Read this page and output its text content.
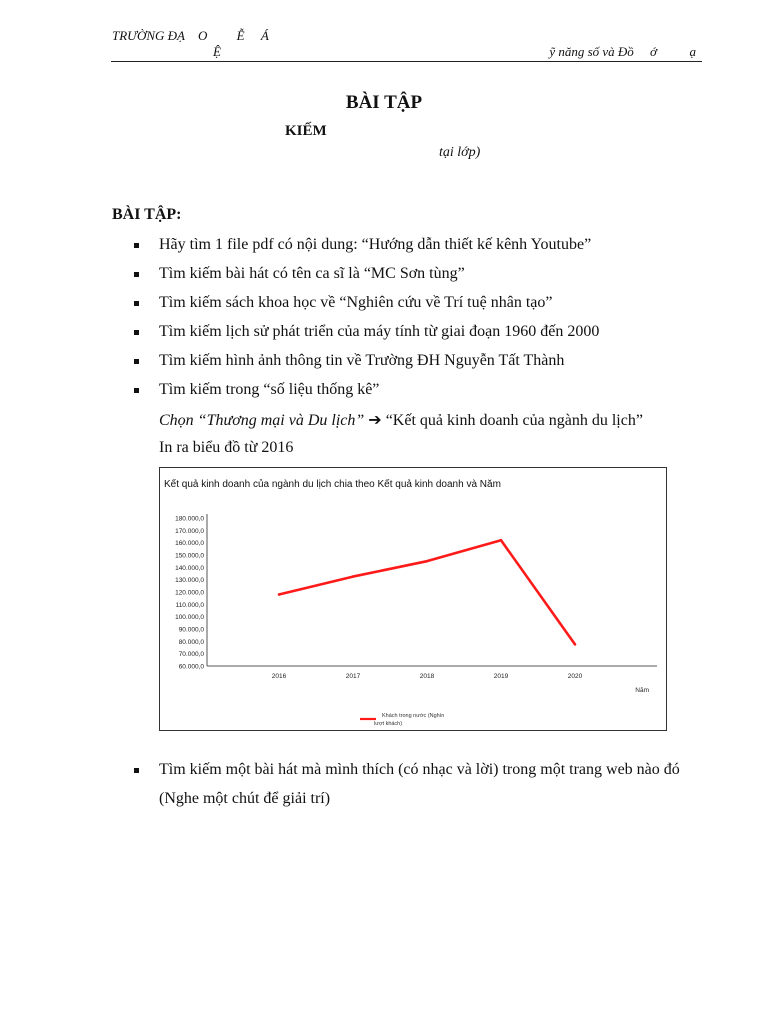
TRƯỜNG ĐẠ    O         Ễ     Á
Ệ	ỹ năng số và Đồ     ớ          ạ
BÀI TẬP
KIẾM
tại lớp)
BÀI TẬP:
Hãy tìm 1 file pdf có nội dung: “Hướng dẫn thiết kế kênh Youtube”
Tìm kiếm bài hát có tên ca sĩ là “MC Sơn tùng”
Tìm kiếm sách khoa học về “Nghiên cứu về Trí tuệ nhân tạo”
Tìm kiếm lịch sử phát triển của máy tính từ giai đoạn 1960 đến 2000
Tìm kiếm hình ảnh thông tin về Trường ĐH Nguyễn Tất Thành
Tìm kiếm trong “số liệu thống kê”
Chọn “Thương mại và Du lịch” ➔ “Kết quả kinh doanh của ngành du lịch”
In ra biểu đồ từ 2016
Kết quả kinh doanh của ngành du lịch chia theo Kết quả kinh doanh và Năm
60.000,0
70.000,0
80.000,0
90.000,0
100.000,0
110.000,0
120.000,0
130.000,0
140.000,0
150.000,0
160.000,0
170.000,0
180.000,0
2016	2017	2018	2019	2020
Năm
Khách trong nước (Nghìn
lượt khách)
Tìm kiếm một bài hát mà mình thích (có nhạc và lời) trong một trang web nào đó
(Nghe một chút để giải trí)
